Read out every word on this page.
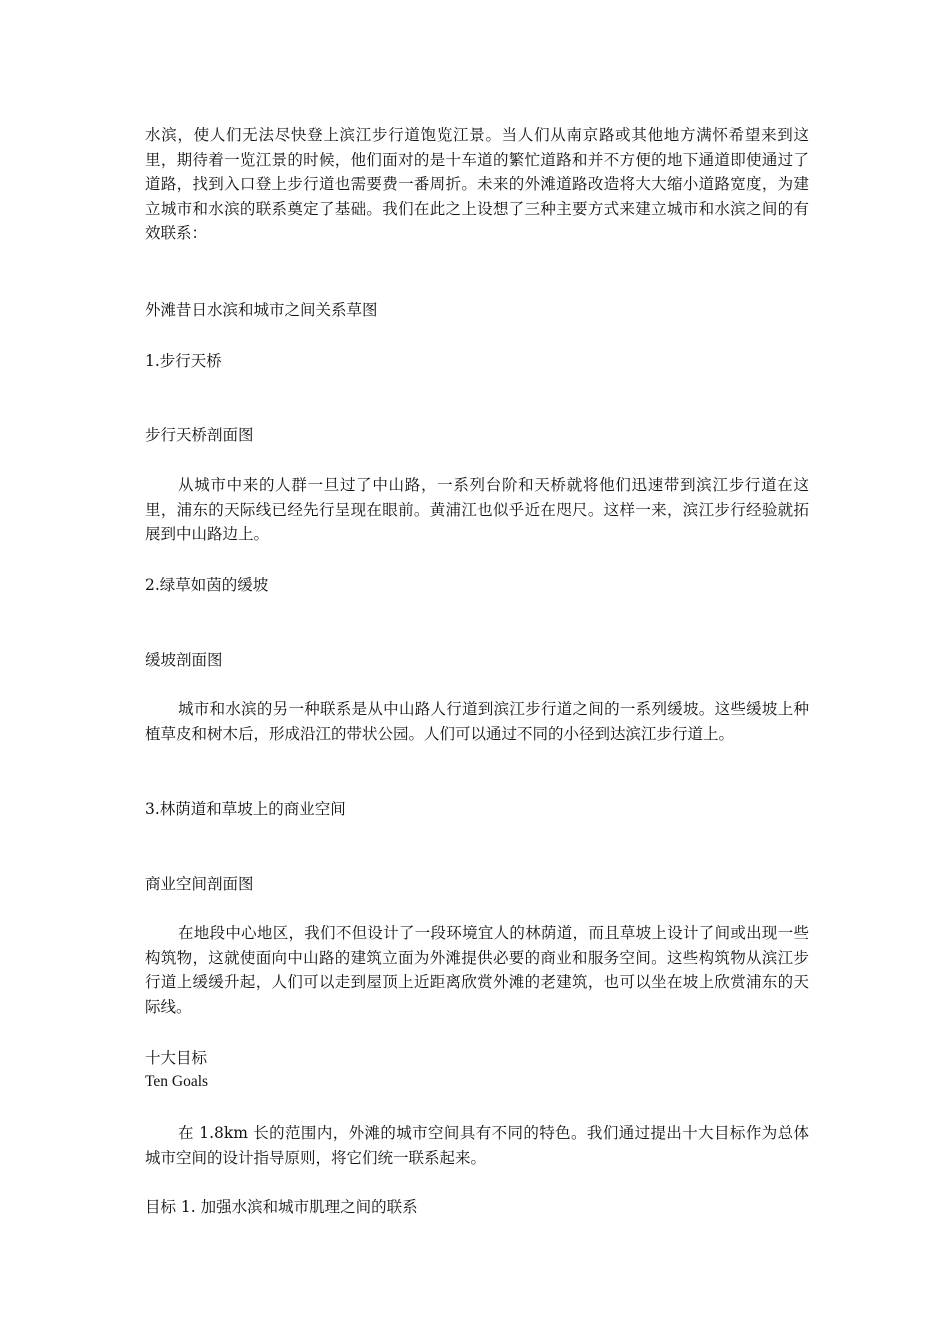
水滨，使人们无法尽快登上滨江步行道饱览江景。当人们从南京路或其他地方满怀希望来到这里，期待着一览江景的时候，他们面对的是十车道的繁忙道路和并不方便的地下通道即使通过了道路，找到入口登上步行道也需要费一番周折。未来的外滩道路改造将大大缩小道路宽度，为建立城市和水滨的联系奠定了基础。我们在此之上设想了三种主要方式来建立城市和水滨之间的有效联系：

外滩昔日水滨和城市之间关系草图

1.步行天桥

步行天桥剖面图

从城市中来的人群一旦过了中山路，一系列台阶和天桥就将他们迅速带到滨江步行道在这里，浦东的天际线已经先行呈现在眼前。黄浦江也似乎近在咫尺。这样一来，滨江步行经验就拓展到中山路边上。

2.绿草如茵的缓坡

缓坡剖面图

城市和水滨的另一种联系是从中山路人行道到滨江步行道之间的一系列缓坡。这些缓坡上种植草皮和树木后，形成沿江的带状公园。人们可以通过不同的小径到达滨江步行道上。

3.林荫道和草坡上的商业空间

商业空间剖面图

在地段中心地区，我们不但设计了一段环境宜人的林荫道，而且草坡上设计了间或出现一些构筑物，这就使面向中山路的建筑立面为外滩提供必要的商业和服务空间。这些构筑物从滨江步行道上缓缓升起，人们可以走到屋顶上近距离欣赏外滩的老建筑，也可以坐在坡上欣赏浦东的天际线。

十大目标

Ten Goals

在 1.8km 长的范围内，外滩的城市空间具有不同的特色。我们通过提出十大目标作为总体城市空间的设计指导原则，将它们统一联系起来。

目标 1. 加强水滨和城市肌理之间的联系
